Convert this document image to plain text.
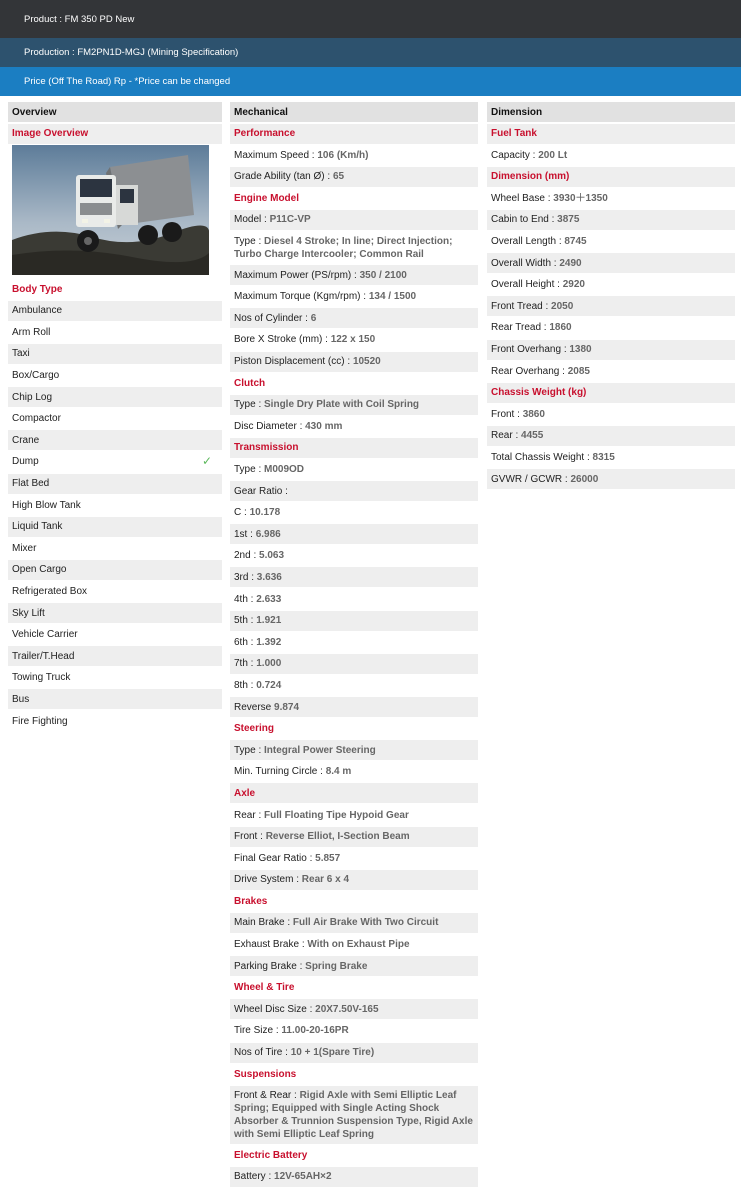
Product : FM 350 PD New
Production : FM2PN1D-MGJ (Mining Specification)
Price (Off The Road) Rp - *Price can be changed
Overview
Image Overview
Body Type
Ambulance
Arm Roll
Taxi
Box/Cargo
Chip Log
Compactor
Crane
Dump	✓
Flat Bed
High Blow Tank
Liquid Tank
Mixer
Open Cargo
Refrigerated Box
Sky Lift
Vehicle Carrier
Trailer/T.Head
Towing Truck
Bus
Fire Fighting
Mechanical
Performance
Maximum Speed : 106 (Km/h)
Grade Ability (tan Ø) : 65
Engine Model
Model : P11C-VP
Type : Diesel 4 Stroke; In line; Direct Injection; Turbo Charge Intercooler; Common Rail
Maximum Power (PS/rpm) : 350 / 2100
Maximum Torque (Kgm/rpm) : 134 / 1500
Nos of Cylinder : 6
Bore X Stroke (mm) : 122 x 150
Piston Displacement (cc) : 10520
Clutch
Type : Single Dry Plate with Coil Spring
Disc Diameter : 430 mm
Transmission
Type : M009OD
Gear Ratio :
C : 10.178
1st : 6.986
2nd : 5.063
3rd : 3.636
4th : 2.633
5th : 1.921
6th : 1.392
7th : 1.000
8th : 0.724
Reverse 9.874
Steering
Type : Integral Power Steering
Min. Turning Circle : 8.4 m
Axle
Rear : Full Floating Tipe Hypoid Gear
Front : Reverse Elliot, I-Section Beam
Final Gear Ratio : 5.857
Drive System : Rear 6 x 4
Brakes
Main Brake : Full Air Brake With Two Circuit
Exhaust Brake : With on Exhaust Pipe
Parking Brake : Spring Brake
Wheel & Tire
Wheel Disc Size : 20X7.50V-165
Tire Size : 11.00-20-16PR
Nos of Tire : 10 + 1(Spare Tire)
Suspensions
Front & Rear : Rigid Axle with Semi Elliptic Leaf Spring; Equipped with Single Acting Shock Absorber & Trunnion Suspension Type, Rigid Axle with Semi Elliptic Leaf Spring
Electric Battery
Battery : 12V-65AH×2
Dimension
Fuel Tank
Capacity : 200 Lt
Dimension (mm)
Wheel Base : 3930＋1350
Cabin to End : 3875
Overall Length : 8745
Overall Width : 2490
Overall Height : 2920
Front Tread : 2050
Rear Tread : 1860
Front Overhang : 1380
Rear Overhang : 2085
Chassis Weight (kg)
Front : 3860
Rear : 4455
Total Chassis Weight : 8315
GVWR / GCWR : 26000
